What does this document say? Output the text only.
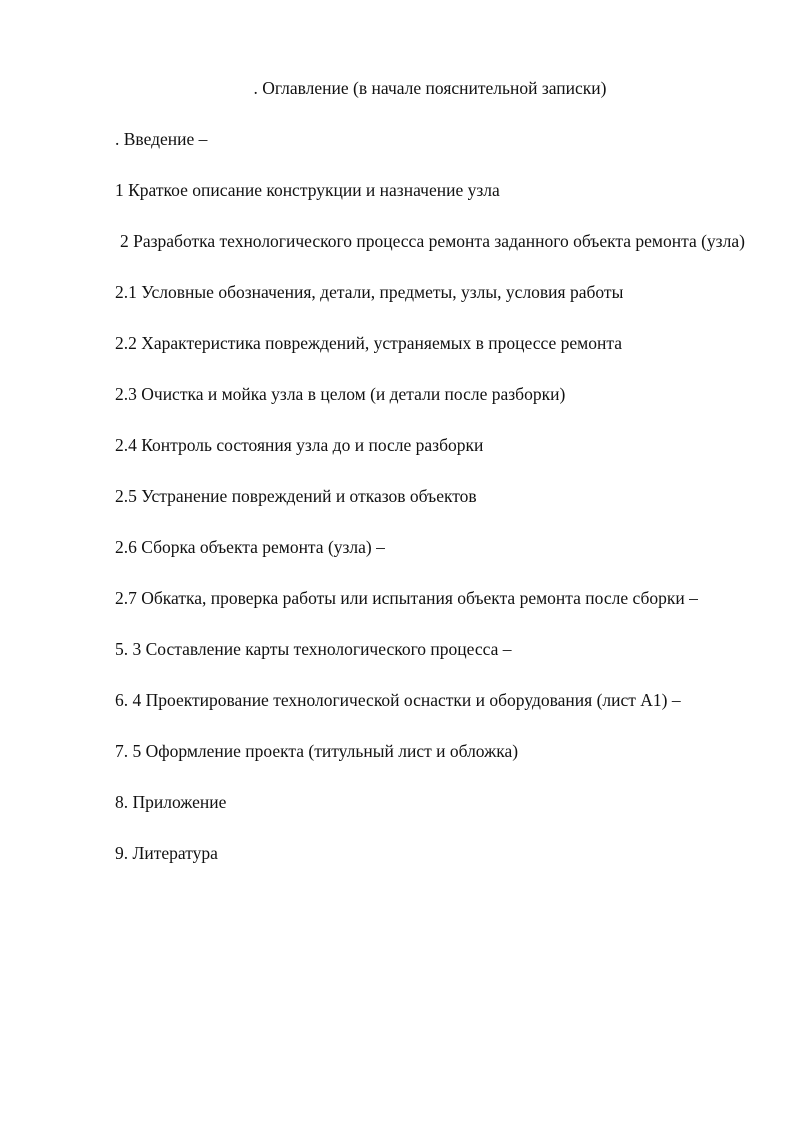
. Оглавление (в начале пояснительной записки)
. Введение –
1 Краткое описание конструкции и назначение узла
2 Разработка технологического процесса ремонта заданного объекта ремонта (узла)
2.1 Условные обозначения, детали, предметы, узлы, условия работы
2.2 Характеристика повреждений, устраняемых в процессе ремонта
2.3 Очистка и мойка узла в целом (и детали после разборки)
2.4 Контроль состояния узла до и после разборки
2.5 Устранение повреждений и отказов объектов
2.6 Сборка объекта ремонта (узла) –
2.7 Обкатка, проверка работы или испытания объекта ремонта после сборки –
5. 3 Составление карты технологического процесса –
6. 4 Проектирование технологической оснастки и оборудования (лист А1) –
7. 5 Оформление проекта (титульный лист и обложка)
8. Приложение
9. Литература
